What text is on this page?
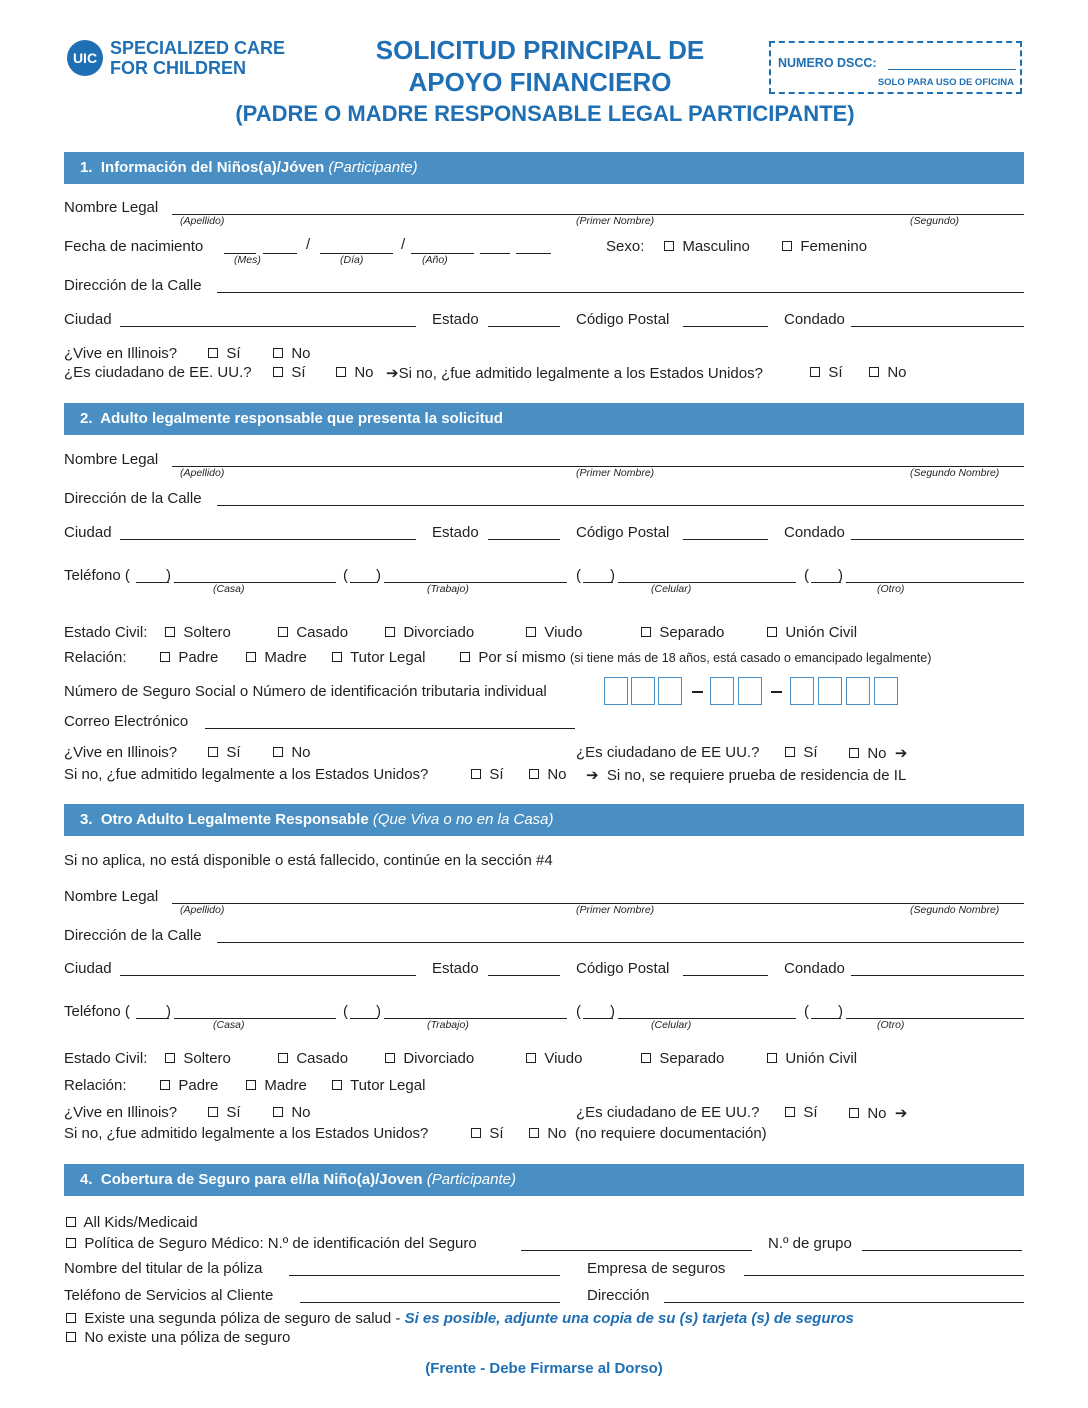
UIC SPECIALIZED CARE
FOR CHILDREN
SOLICITUD PRINCIPAL DE
APOYO FINANCIERO
(PADRE O MADRE RESPONSABLE LEGAL PARTICIPANTE)
NUMERO DSCC:
SOLO PARA USO DE OFICINA
1. Información del Niños(a)/Jóven (Participante)
Nombre Legal
(Apellido)	(Primer Nombre)	(Segundo)
Fecha de nacimiento	/	/
(Mes)	(Día)	(Año)
Sexo:	Masculino	Femenino
Dirección de la Calle
Ciudad	Estado	Código Postal	Condado
¿Vive en Illinois?	Sí	No
¿Es ciudadano de EE. UU.?	Sí	No ➔Si no, ¿fue admitido legalmente a los Estados Unidos?	Sí	No
2. Adulto legalmente responsable que presenta la solicitud
Nombre Legal
(Apellido)	(Primer Nombre)	(Segundo Nombre)
Dirección de la Calle
Ciudad	Estado	Código Postal	Condado
Teléfono ( )	( )	( )	( )
(Casa)	(Trabajo)	(Celular)	(Otro)
Estado Civil:	Soltero	Casado	Divorciado	Viudo	Separado	Unión Civil
Relación:	Padre	Madre	Tutor Legal	Por sí mismo (si tiene más de 18 años, está casado o emancipado legalmente)
Número de Seguro Social o Número de identificación tributaria individual
Correo Electrónico
¿Vive en Illinois?	Sí	No	¿Es ciudadano de EE UU.?	Sí	No ➔
Si no, ¿fue admitido legalmente a los Estados Unidos?	Sí	No ➔ Si no, se requiere prueba de residencia de IL
3. Otro Adulto Legalmente Responsable (Que Viva o no en la Casa)
Si no aplica, no está disponible o está fallecido, continúe en la sección #4
Nombre Legal
(Apellido)	(Primer Nombre)	(Segundo Nombre)
Dirección de la Calle
Ciudad	Estado	Código Postal	Condado
Teléfono ( )	( )	( )	( )
(Casa)	(Trabajo)	(Celular)	(Otro)
Estado Civil:	Soltero	Casado	Divorciado	Viudo	Separado	Unión Civil
Relación:	Padre	Madre	Tutor Legal
¿Vive en Illinois?	Sí	No	¿Es ciudadano de EE UU.?	Sí	No ➔
Si no, ¿fue admitido legalmente a los Estados Unidos?	Sí	No (no requiere documentación)
4. Cobertura de Seguro para el/la Niño(a)/Joven (Participante)
All Kids/Medicaid
Política de Seguro Médico: N.º de identificación del Seguro	N.º de grupo
Nombre del titular de la póliza	Empresa de seguros
Teléfono de Servicios al Cliente	Dirección
Existe una segunda póliza de seguro de salud - Si es posible, adjunte una copia de su (s) tarjeta (s) de seguros
No existe una póliza de seguro
(Frente - Debe Firmarse al Dorso)
